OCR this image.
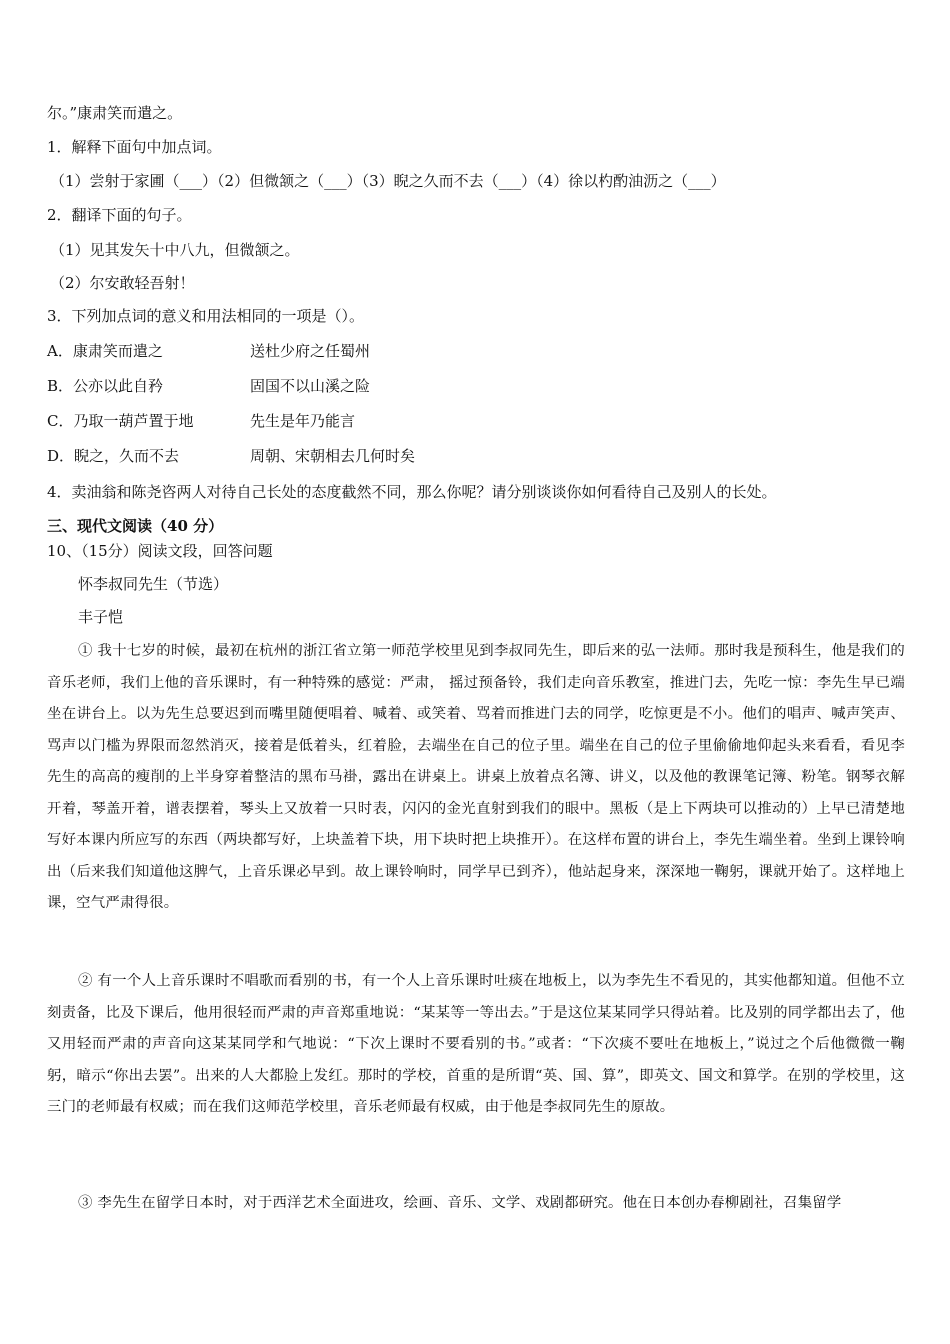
尔。”康肃笑而遣之。
1．解释下面句中加点词。
（1）尝射于家圃（___）（2）但微颔之（___）（3）睨之久而不去（___）（4）徐以杓酌油沥之（___）
2．翻译下面的句子。
（1）见其发矢十中八九，但微颔之。
（2）尔安敢轻吾射！
3．下列加点词的意义和用法相同的一项是（）。
A．康肃笑而遣之	送杜少府之任蜀州
B．公亦以此自矜	固国不以山溪之险
C．乃取一葫芦置于地	先生是年乃能言
D．睨之，久而不去	周朝、宋朝相去几何时矣
4．卖油翁和陈尧咨两人对待自己长处的态度截然不同，那么你呢？请分别谈谈你如何看待自己及别人的长处。
三、现代文阅读（40 分）
10、（15分）阅读文段，回答问题
怀李叔同先生（节选）
丰子恺
① 我十七岁的时候，最初在杭州的浙江省立第一师范学校里见到李叔同先生，即后来的弘一法师。那时我是预科生，他是我们的音乐老师，我们上他的音乐课时，有一种特殊的感觉：严肃， 摇过预备铃，我们走向音乐教室，推进门去，先吃一惊：李先生早已端坐在讲台上。以为先生总要迟到而嘴里随便唱着、喊着、或笑着、骂着而推进门去的同学，吃惊更是不小。他们的唱声、喊声笑声、骂声以门槛为界限而忽然消灭，接着是低着头，红着脸，去端坐在自己的位子里。端坐在自己的位子里偷偷地仰起头来看看，看见李先生的高高的瘦削的上半身穿着整洁的黑布马褂，露出在讲桌上。讲桌上放着点名簿、讲义，以及他的教课笔记簿、粉笔。钢琴衣解开着，琴盖开着，谱表摆着，琴头上又放着一只时表，闪闪的金光直射到我们的眼中。黑板（是上下两块可以推动的）上早已清楚地写好本课内所应写的东西（两块都写好，上块盖着下块，用下块时把上块推开）。在这样布置的讲台上，李先生端坐着。坐到上课铃响出（后来我们知道他这脾气，上音乐课必早到。故上课铃响时，同学早已到齐），他站起身来，深深地一鞠躬，课就开始了。这样地上课，空气严肃得很。
② 有一个人上音乐课时不唱歌而看别的书，有一个人上音乐课时吐痰在地板上，以为李先生不看见的，其实他都知道。但他不立刻责备，比及下课后，他用很轻而严肃的声音郑重地说：“某某等一等出去。”于是这位某某同学只得站着。比及别的同学都出去了，他又用轻而严肃的声音向这某某同学和气地说：“下次上课时不要看别的书。”或者：“下次痰不要吐在地板上，”说过之个后他微微一鞠躬，暗示“你出去罢”。出来的人大都脸上发红。那时的学校，首重的是所谓“英、国、算”，即英文、国文和算学。在别的学校里，这三门的老师最有权威；而在我们这师范学校里，音乐老师最有权威，由于他是李叔同先生的原故。
③ 李先生在留学日本时，对于西洋艺术全面进攻，绘画、音乐、文学、戏剧都研究。他在日本创办春柳剧社，召集留学
